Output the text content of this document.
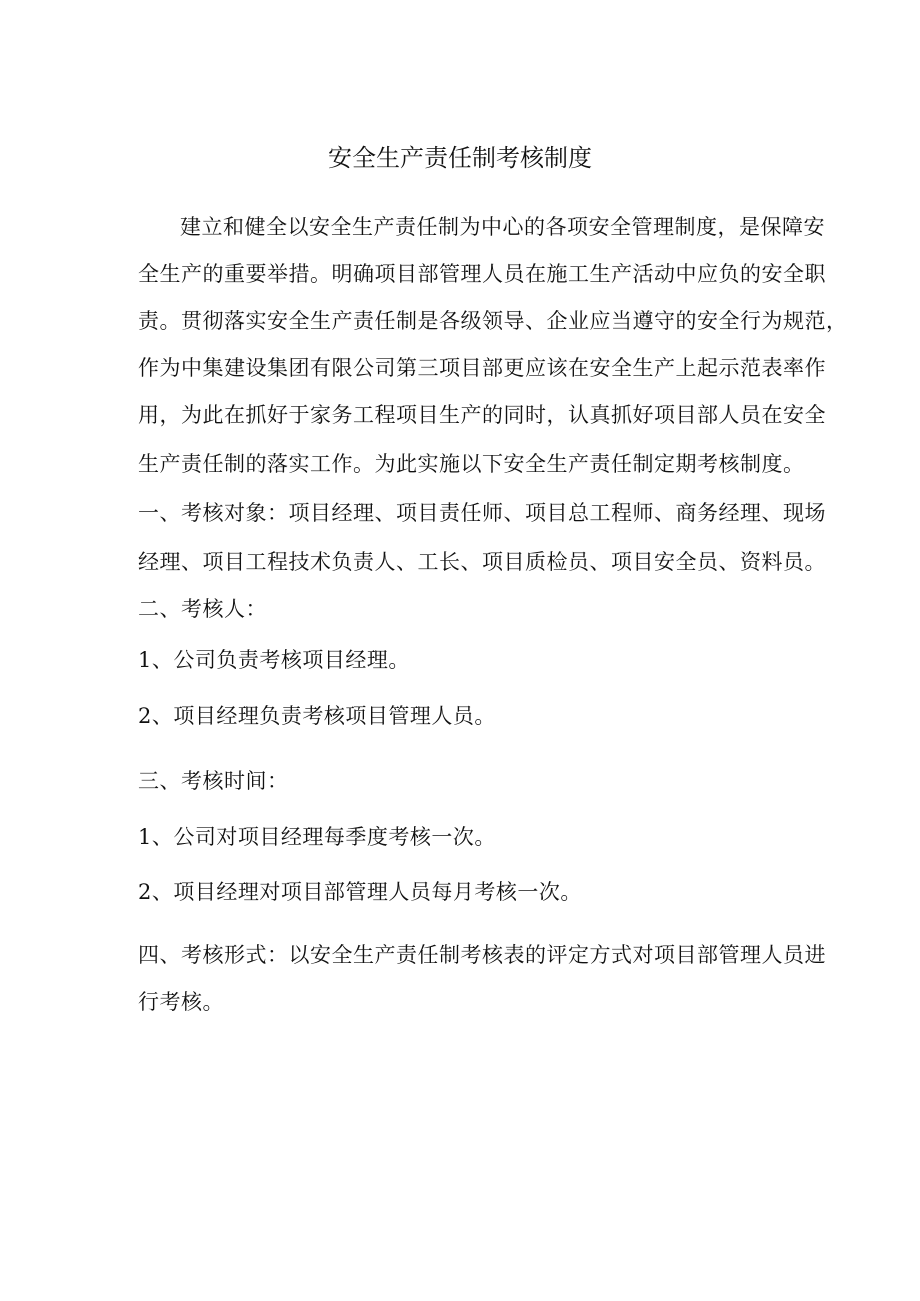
安全生产责任制考核制度
建立和健全以安全生产责任制为中心的各项安全管理制度，是保障安
全生产的重要举措。明确项目部管理人员在施工生产活动中应负的安全职
责。贯彻落实安全生产责任制是各级领导、企业应当遵守的安全行为规范，
作为中集建设集团有限公司第三项目部更应该在安全生产上起示范表率作
用，为此在抓好于家务工程项目生产的同时，认真抓好项目部人员在安全
生产责任制的落实工作。为此实施以下安全生产责任制定期考核制度。
一、考核对象：项目经理、项目责任师、项目总工程师、商务经理、现场
经理、项目工程技术负责人、工长、项目质检员、项目安全员、资料员。
二、考核人：
1、公司负责考核项目经理。
2、项目经理负责考核项目管理人员。
三、考核时间：
1、公司对项目经理每季度考核一次。
2、项目经理对项目部管理人员每月考核一次。
四、考核形式：以安全生产责任制考核表的评定方式对项目部管理人员进
行考核。
